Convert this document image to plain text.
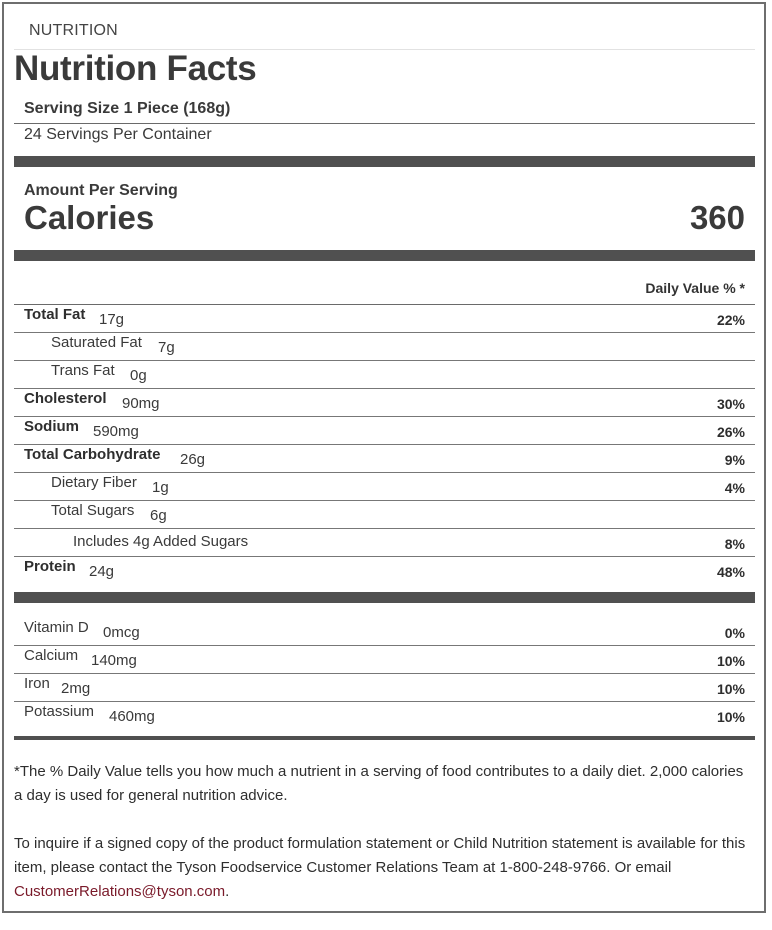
NUTRITION
Nutrition Facts
Serving Size 1 Piece (168g)
24 Servings Per Container
Amount Per Serving
Calories	360
Daily Value % *
Total Fat 17g	22%
Saturated Fat 7g
Trans Fat 0g
Cholesterol 90mg	30%
Sodium 590mg	26%
Total Carbohydrate 26g	9%
Dietary Fiber 1g	4%
Total Sugars 6g
Includes 4g Added Sugars	8%
Protein 24g	48%
Vitamin D 0mcg	0%
Calcium 140mg	10%
Iron 2mg	10%
Potassium 460mg	10%
*The % Daily Value tells you how much a nutrient in a serving of food contributes to a daily diet. 2,000 calories a day is used for general nutrition advice.
To inquire if a signed copy of the product formulation statement or Child Nutrition statement is available for this item, please contact the Tyson Foodservice Customer Relations Team at 1-800-248-9766. Or email CustomerRelations@tyson.com.
